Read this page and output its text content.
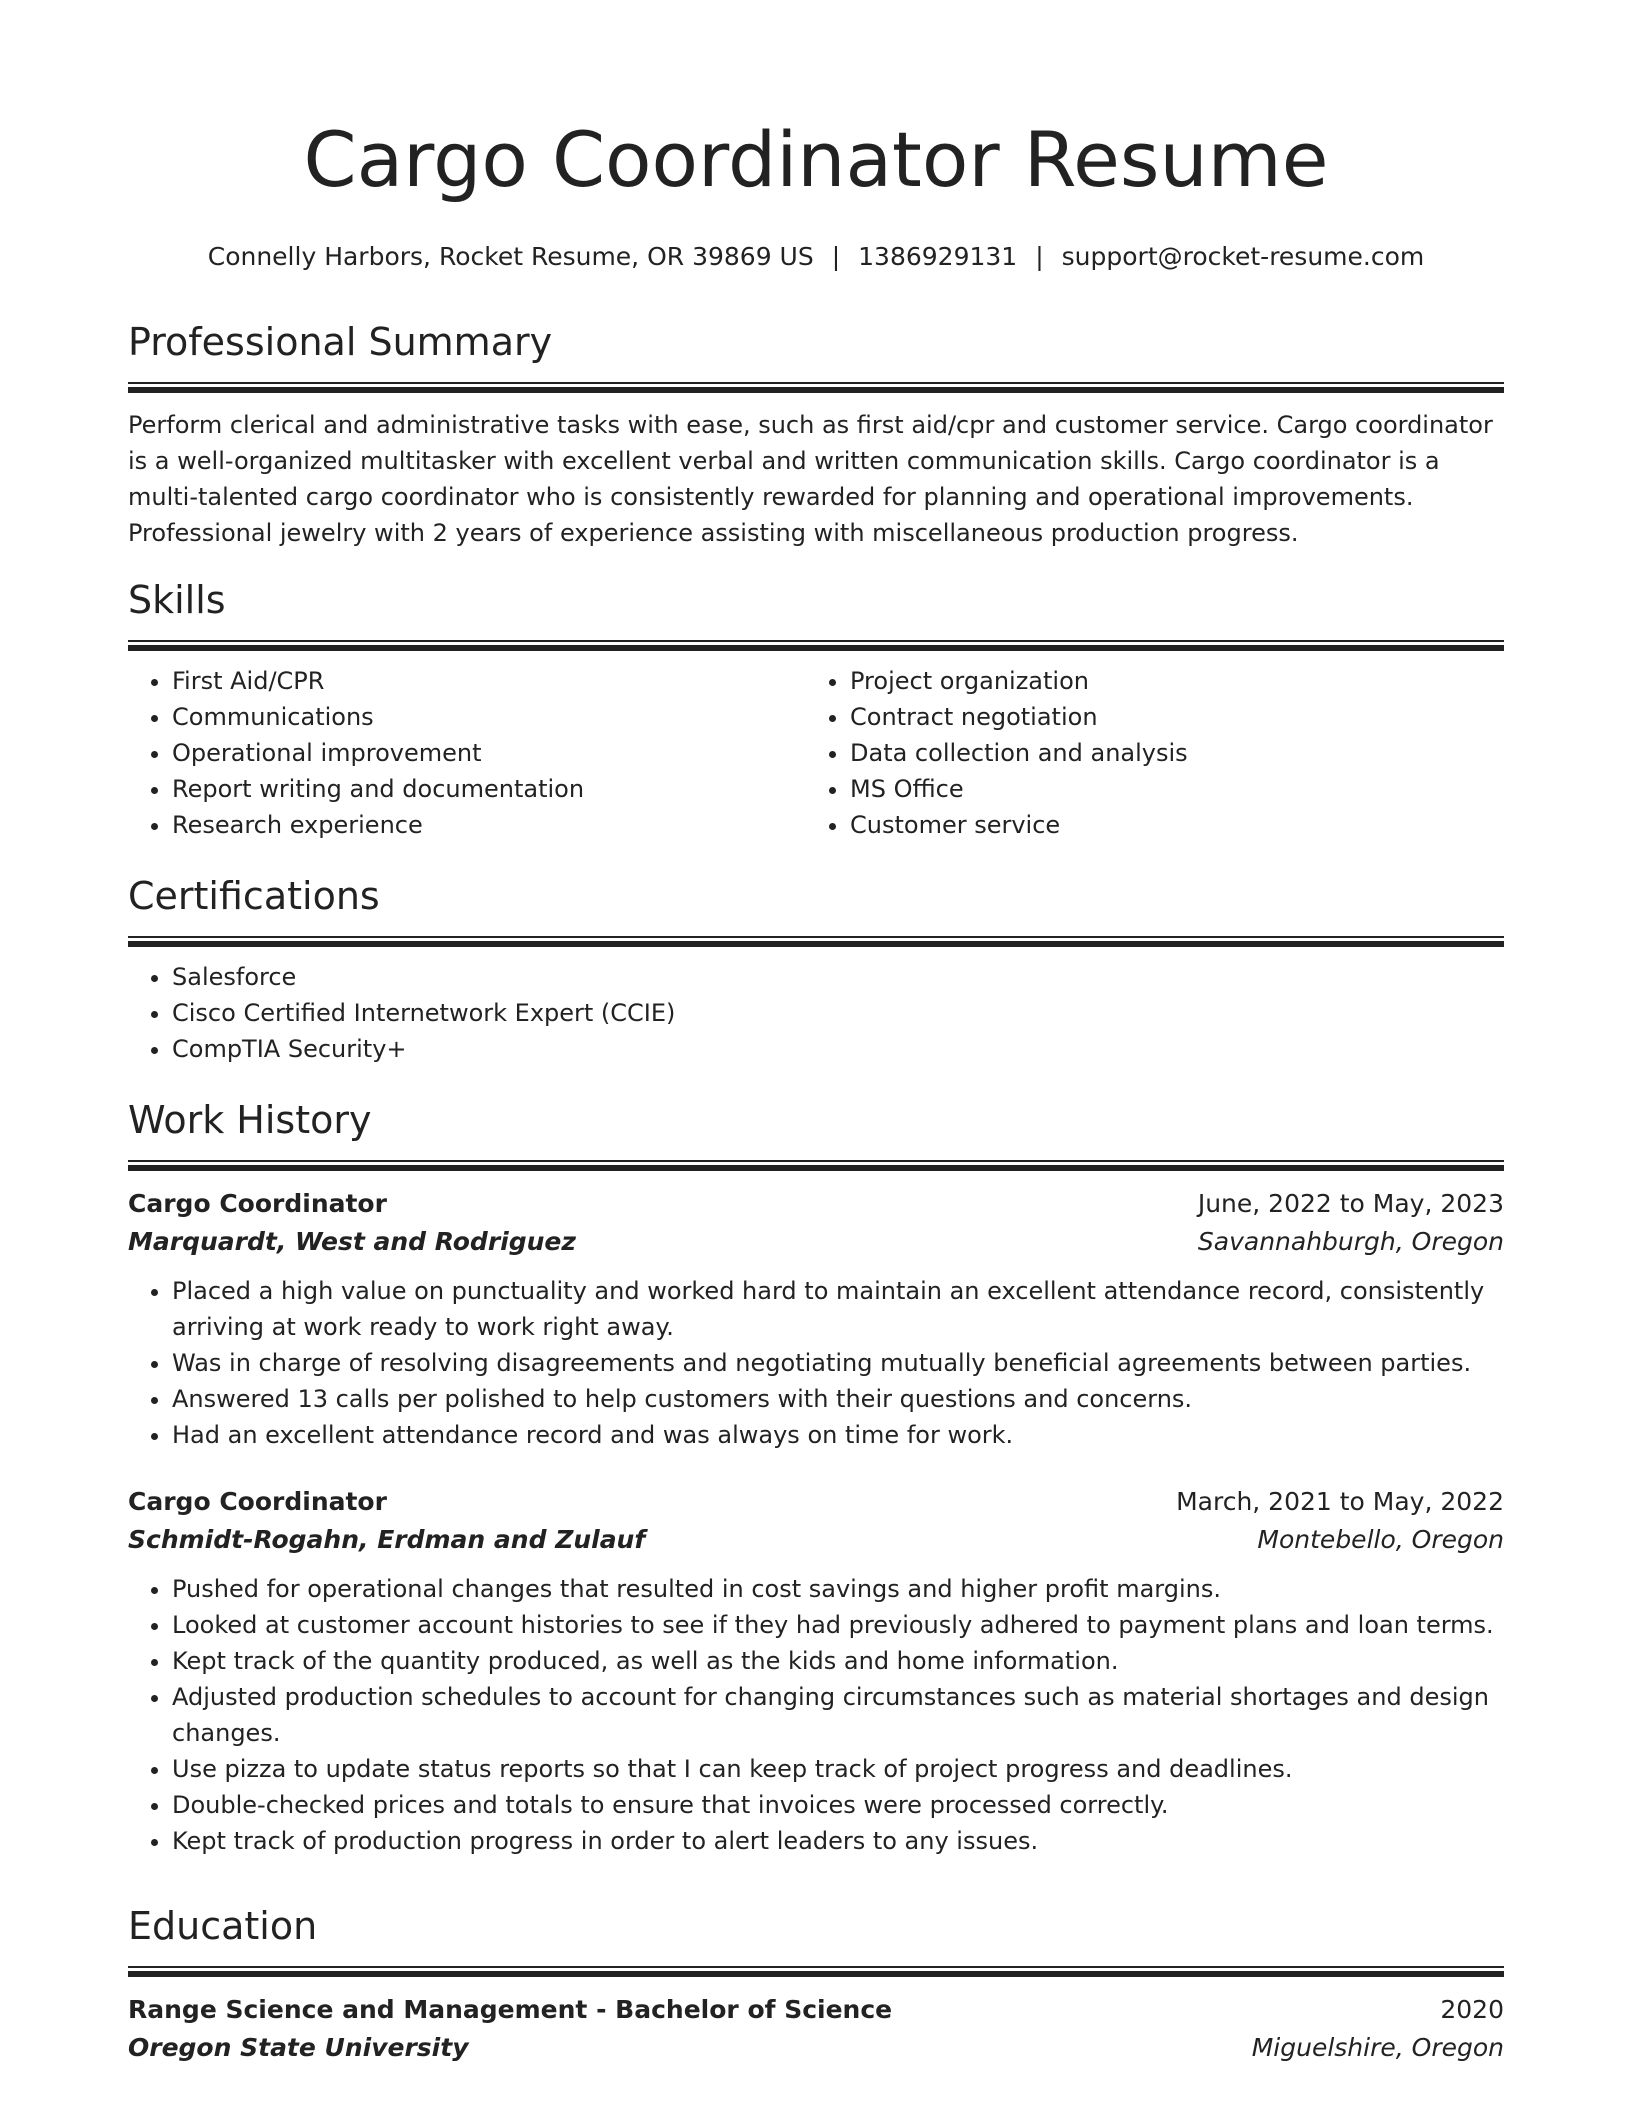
Cargo Coordinator Resume
Connelly Harbors, Rocket Resume, OR 39869 US | 1386929131 | support@rocket-resume.com
Professional Summary
Perform clerical and administrative tasks with ease, such as first aid/cpr and customer service. Cargo coordinator is a well-organized multitasker with excellent verbal and written communication skills. Cargo coordinator is a multi-talented cargo coordinator who is consistently rewarded for planning and operational improvements. Professional jewelry with 2 years of experience assisting with miscellaneous production progress.
Skills
• First Aid/CPR
• Communications
• Operational improvement
• Report writing and documentation
• Research experience
• Project organization
• Contract negotiation
• Data collection and analysis
• MS Office
• Customer service
Certifications
• Salesforce
• Cisco Certified Internetwork Expert (CCIE)
• CompTIA Security+
Work History
Cargo Coordinator	June, 2022 to May, 2023
Marquardt, West and Rodriguez	Savannahburgh, Oregon
• Placed a high value on punctuality and worked hard to maintain an excellent attendance record, consistently arriving at work ready to work right away.
• Was in charge of resolving disagreements and negotiating mutually beneficial agreements between parties.
• Answered 13 calls per polished to help customers with their questions and concerns.
• Had an excellent attendance record and was always on time for work.
Cargo Coordinator	March, 2021 to May, 2022
Schmidt-Rogahn, Erdman and Zulauf	Montebello, Oregon
• Pushed for operational changes that resulted in cost savings and higher profit margins.
• Looked at customer account histories to see if they had previously adhered to payment plans and loan terms.
• Kept track of the quantity produced, as well as the kids and home information.
• Adjusted production schedules to account for changing circumstances such as material shortages and design changes.
• Use pizza to update status reports so that I can keep track of project progress and deadlines.
• Double-checked prices and totals to ensure that invoices were processed correctly.
• Kept track of production progress in order to alert leaders to any issues.
Education
Range Science and Management - Bachelor of Science	2020
Oregon State University	Miguelshire, Oregon
